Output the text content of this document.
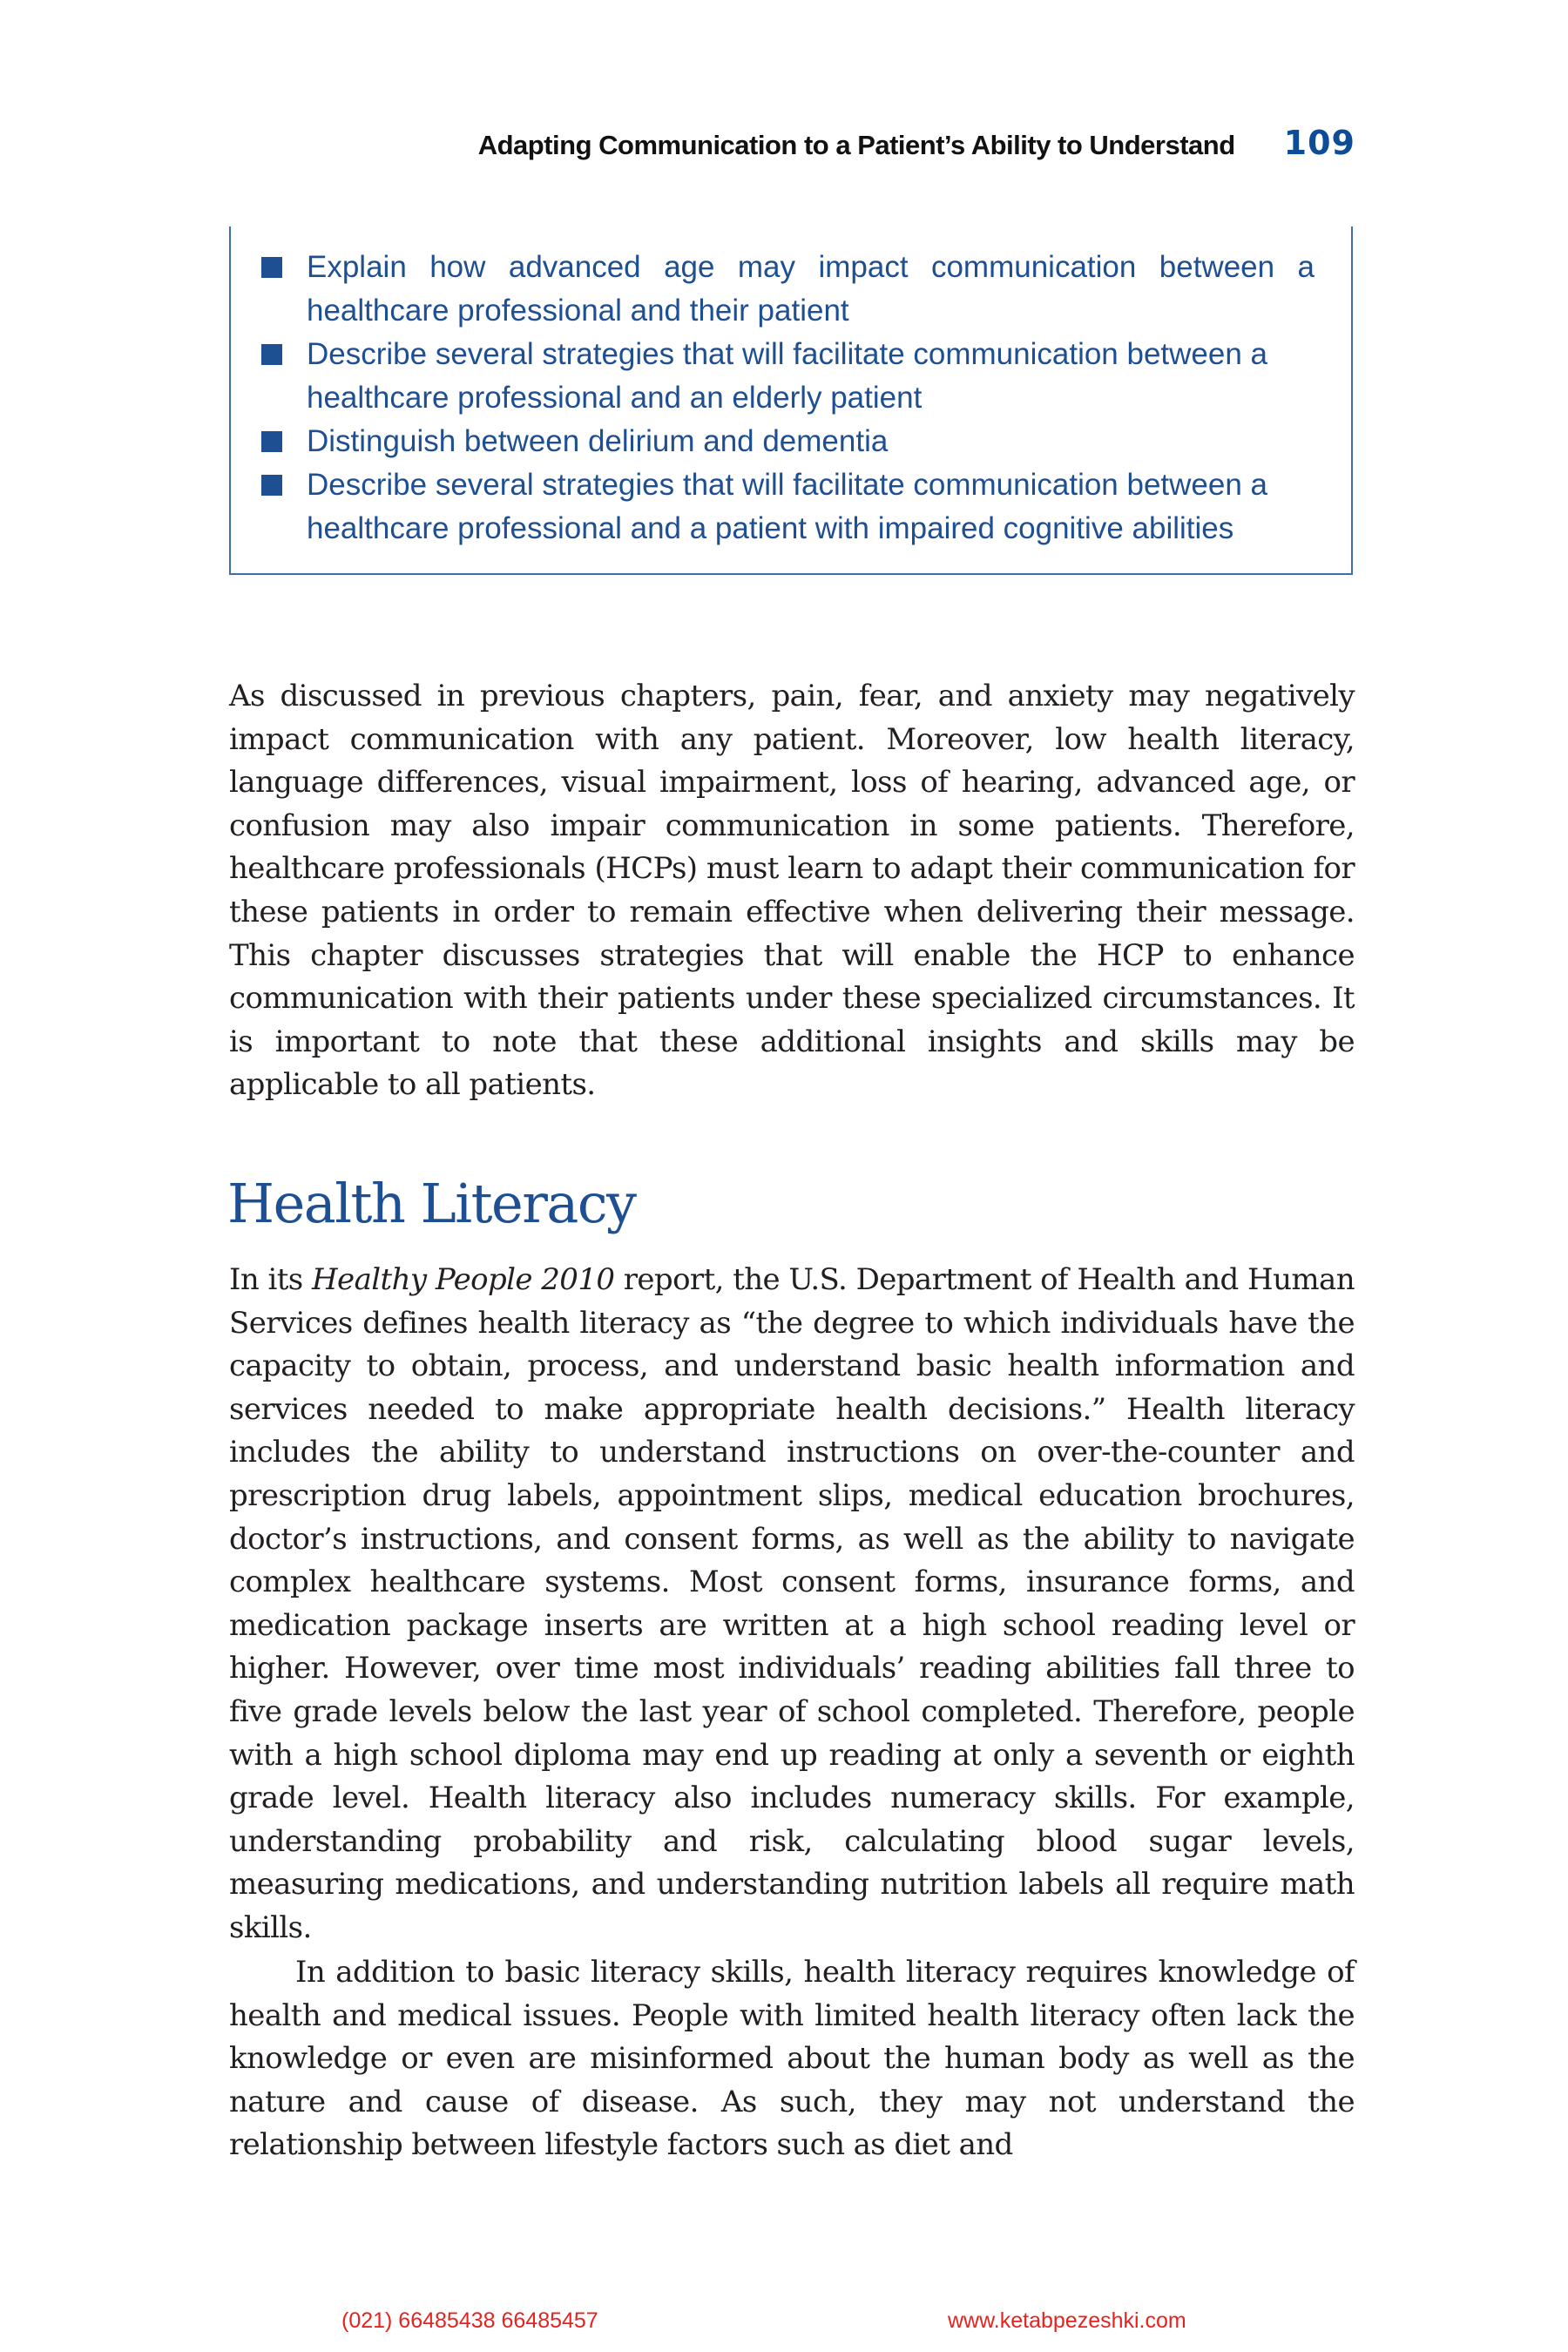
Adapting Communication to a Patient’s Ability to Understand 109
Explain how advanced age may impact communication between a healthcare professional and their patient
Describe several strategies that will facilitate communication between a healthcare professional and an elderly patient
Distinguish between delirium and dementia
Describe several strategies that will facilitate communication between a healthcare professional and a patient with impaired cognitive abilities

As discussed in previous chapters, pain, fear, and anxiety may negatively impact communication with any patient. Moreover, low health literacy, language differences, visual impairment, loss of hearing, advanced age, or confusion may also impair communication in some patients. Therefore, healthcare professionals (HCPs) must learn to adapt their communication for these patients in order to remain effective when delivering their message. This chapter discusses strategies that will enable the HCP to enhance communication with their patients under these specialized circumstances. It is important to note that these additional insights and skills may be applicable to all patients.

Health Literacy

In its Healthy People 2010 report, the U.S. Department of Health and Human Services defines health literacy as “the degree to which individuals have the capacity to obtain, process, and understand basic health information and services needed to make appropriate health decisions.” Health literacy includes the ability to understand instructions on over-the-counter and prescription drug labels, appointment slips, medical education brochures, doctor’s instructions, and consent forms, as well as the ability to navigate complex healthcare systems. Most consent forms, insurance forms, and medication package inserts are written at a high school reading level or higher. However, over time most individuals’ reading abilities fall three to five grade levels below the last year of school completed. Therefore, people with a high school diploma may end up reading at only a seventh or eighth grade level. Health literacy also includes numeracy skills. For example, understanding probability and risk, calculating blood sugar levels, measuring medications, and understanding nutrition labels all require math skills.

In addition to basic literacy skills, health literacy requires knowledge of health and medical issues. People with limited health literacy often lack the knowledge or even are misinformed about the human body as well as the nature and cause of disease. As such, they may not understand the relationship between lifestyle factors such as diet and

(021) 66485438 66485457	www.ketabpezeshki.com
